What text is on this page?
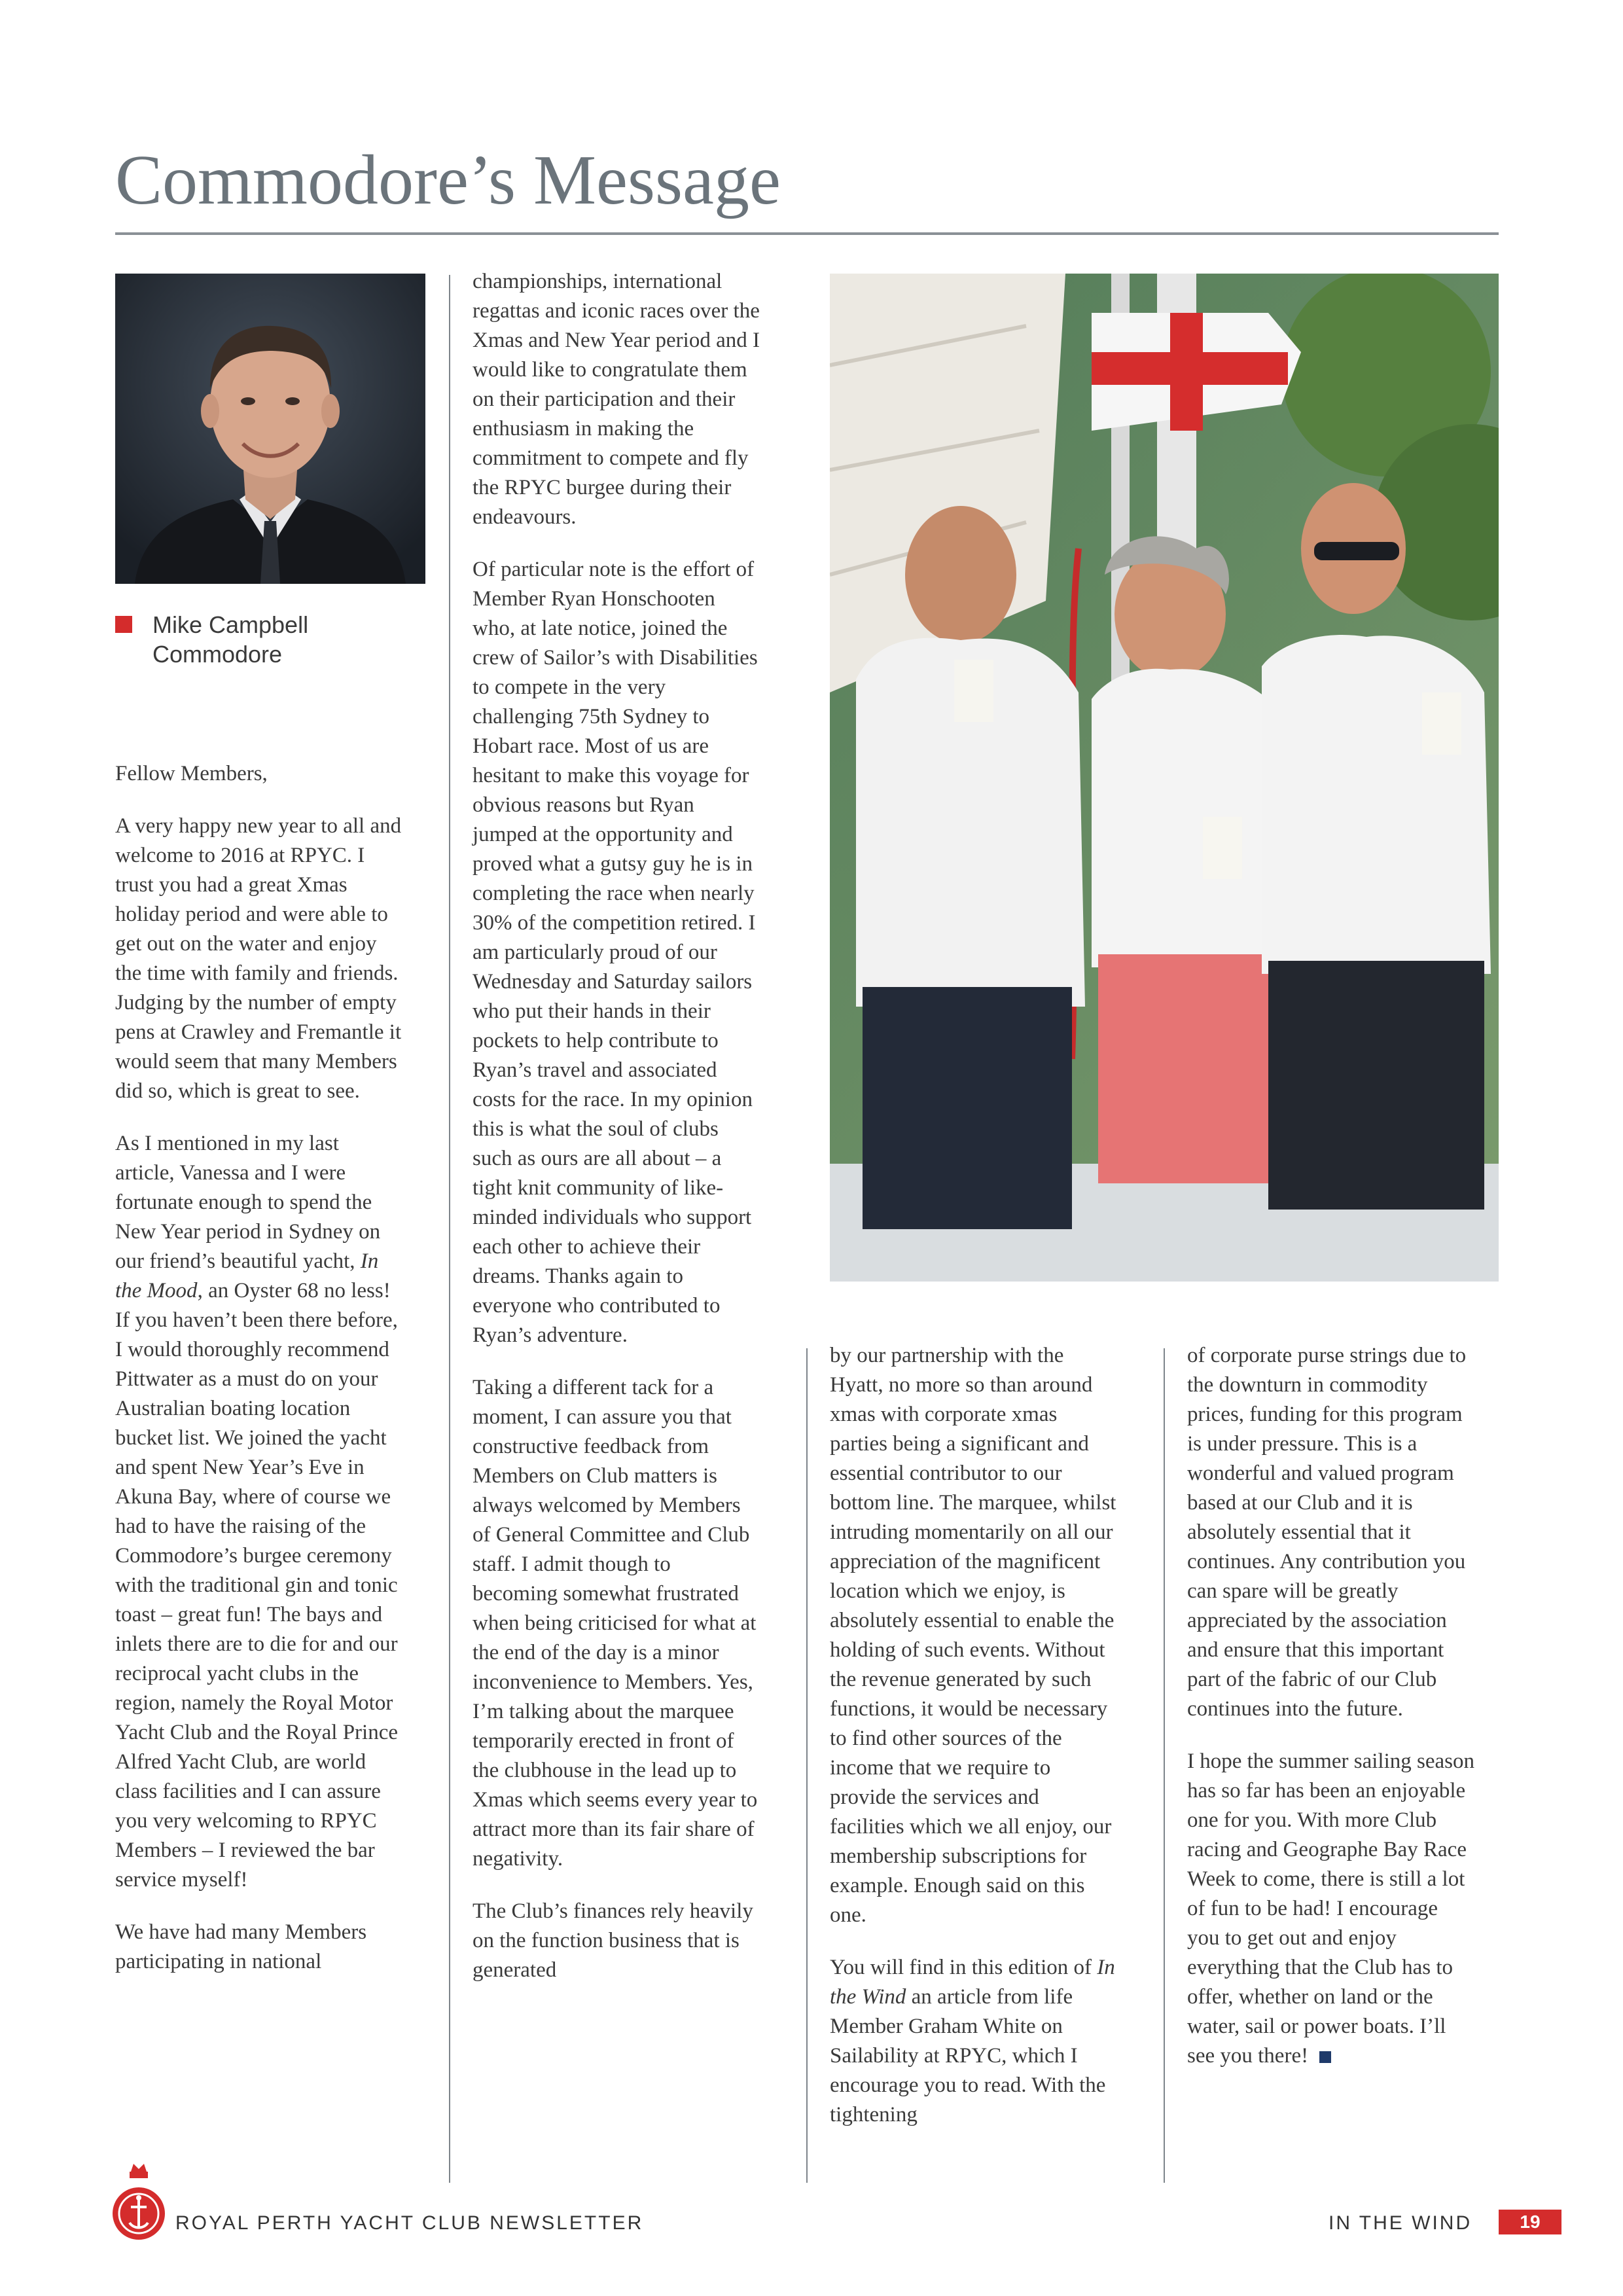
Commodore’s Message
Mike Campbell
Commodore

Fellow Members,

A very happy new year to all and welcome to 2016 at RPYC. I trust you had a great Xmas holiday period and were able to get out on the water and enjoy the time with family and friends. Judging by the number of empty pens at Crawley and Fremantle it would seem that many Members did so, which is great to see.

As I mentioned in my last article, Vanessa and I were fortunate enough to spend the New Year period in Sydney on our friend’s beautiful yacht, In the Mood, an Oyster 68 no less! If you haven’t been there before, I would thoroughly recommend Pittwater as a must do on your Australian boating location bucket list. We joined the yacht and spent New Year’s Eve in Akuna Bay, where of course we had to have the raising of the Commodore’s burgee ceremony with the traditional gin and tonic toast – great fun! The bays and inlets there are to die for and our reciprocal yacht clubs in the region, namely the Royal Motor Yacht Club and the Royal Prince Alfred Yacht Club, are world class facilities and I can assure you very welcoming to RPYC Members – I reviewed the bar service myself!

We have had many Members participating in national

championships, international regattas and iconic races over the Xmas and New Year period and I would like to congratulate them on their participation and their enthusiasm in making the commitment to compete and fly the RPYC burgee during their endeavours.

Of particular note is the effort of Member Ryan Honschooten who, at late notice, joined the crew of Sailor’s with Disabilities to compete in the very challenging 75th Sydney to Hobart race. Most of us are hesitant to make this voyage for obvious reasons but Ryan jumped at the opportunity and proved what a gutsy guy he is in completing the race when nearly 30% of the competition retired. I am particularly proud of our Wednesday and Saturday sailors who put their hands in their pockets to help contribute to Ryan’s travel and associated costs for the race. In my opinion this is what the soul of clubs such as ours are all about – a tight knit community of like-minded individuals who support each other to achieve their dreams. Thanks again to everyone who contributed to Ryan’s adventure.

Taking a different tack for a moment, I can assure you that constructive feedback from Members on Club matters is always welcomed by Members of General Committee and Club staff. I admit though to becoming somewhat frustrated when being criticised for what at the end of the day is a minor inconvenience to Members. Yes, I’m talking about the marquee temporarily erected in front of the clubhouse in the lead up to Xmas which seems every year to attract more than its fair share of negativity.

The Club’s finances rely heavily on the function business that is generated

by our partnership with the Hyatt, no more so than around xmas with corporate xmas parties being a significant and essential contributor to our bottom line. The marquee, whilst intruding momentarily on all our appreciation of the magnificent location which we enjoy, is absolutely essential to enable the holding of such events. Without the revenue generated by such functions, it would be necessary to find other sources of the income that we require to provide the services and facilities which we all enjoy, our membership subscriptions for example. Enough said on this one.

You will find in this edition of In the Wind an article from life Member Graham White on Sailability at RPYC, which I encourage you to read. With the tightening

of corporate purse strings due to the downturn in commodity prices, funding for this program is under pressure. This is a wonderful and valued program based at our Club and it is absolutely essential that it continues. Any contribution you can spare will be greatly appreciated by the association and ensure that this important part of the fabric of our Club continues into the future.

I hope the summer sailing season has so far has been an enjoyable one for you. With more Club racing and Geographe Bay Race Week to come, there is still a lot of fun to be had! I encourage you to get out and enjoy everything that the Club has to offer, whether on land or the water, sail or power boats. I’ll see you there!

ROYAL PERTH YACHT CLUB NEWSLETTER	IN THE WIND	19
